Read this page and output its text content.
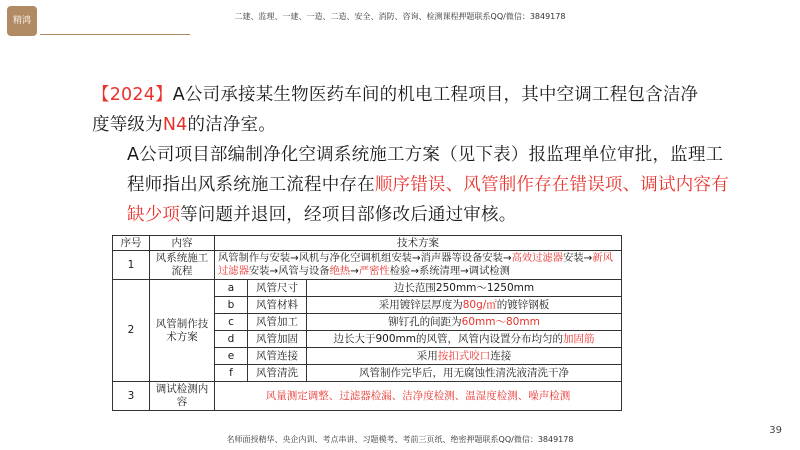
精鸿	二建、监理、一建、一造、二造、安全、消防、咨询、检测课程押题联系QQ/微信：3849178
【2024】A公司承接某生物医药车间的机电工程项目，其中空调工程包含洁净度等级为N4的洁净室。
A公司项目部编制净化空调系统施工方案（见下表）报监理单位审批，监理工程师指出风系统施工流程中存在顺序错误、风管制作存在错误项、调试内容有缺少项等问题并退回，经项目部修改后通过审核。
序号	内容	技术方案		
1	风系统施工流程	风管制作与安装→风机与净化空调机组安装→消声器等设备安装→高效过滤器安装→新风过滤器安装→风管与设备绝热→严密性检验→系统清理→调试检测		
2	风管制作技术方案	a	风管尺寸	边长范围250mm～1250mm
		b	风管材料	采用镀锌层厚度为80g/㎡的镀锌钢板
		c	风管加工	铆钉孔的间距为60mm～80mm
		d	风管加固	边长大于900mm的风管，风管内设置分布均匀的加固筋
		e	风管连接	采用按扣式咬口连接
		f	风管清洗	风管制作完毕后，用无腐蚀性清洗液清洗干净
3	调试检测内容	风量测定调整、过滤器检漏、洁净度检测、温湿度检测、噪声检测		
39
名师面授精华、央企内训、考点串讲、习题模考、考前三页纸、绝密押题联系QQ/微信：3849178
